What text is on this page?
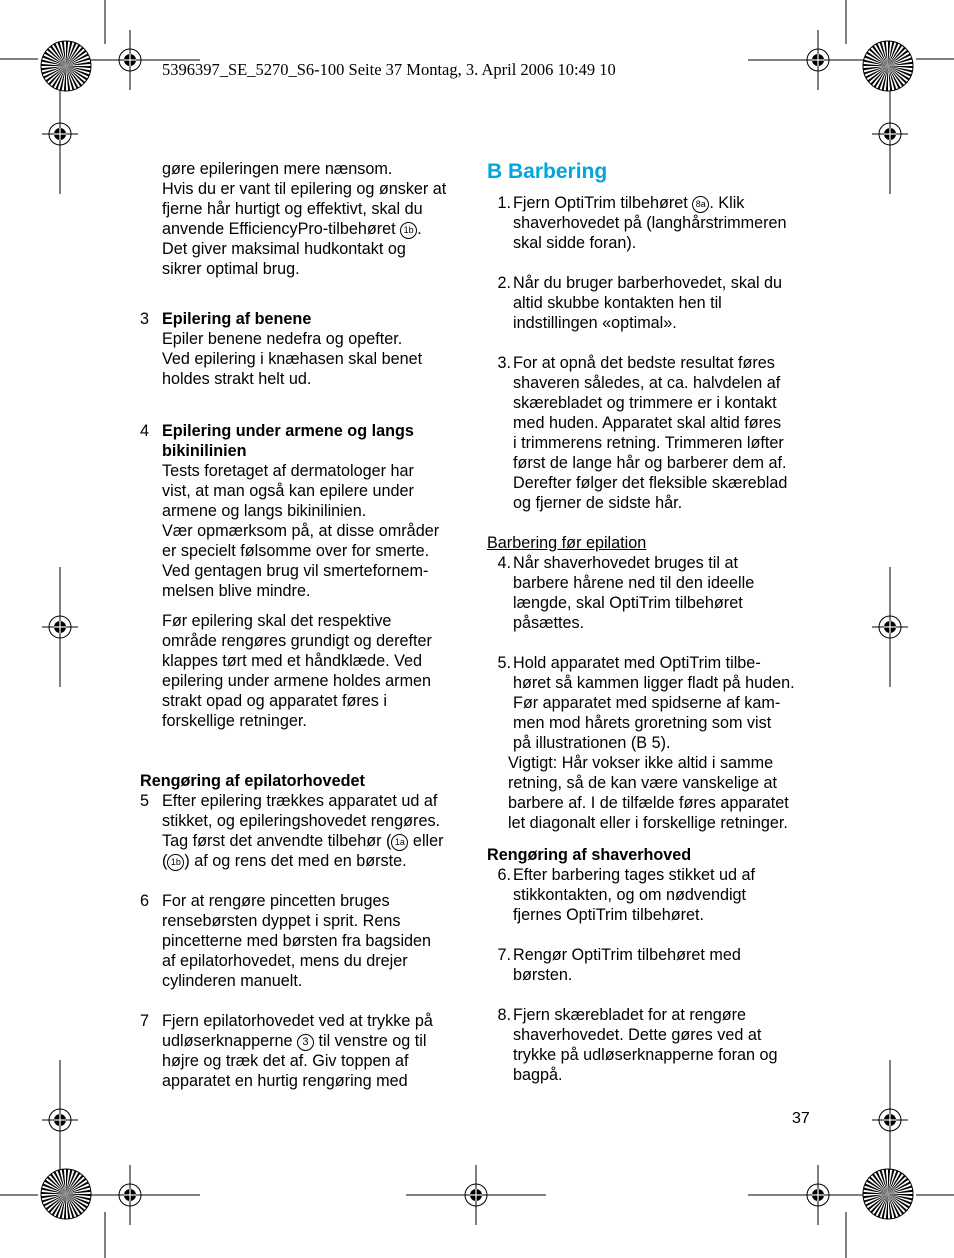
5396397_SE_5270_S6-100 Seite 37 Montag, 3. April 2006 10:49 10

gøre epileringen mere nænsom.

Hvis du er vant til epilering og ønsker at

fjerne hår hurtigt og effektivt, skal du

anvende EfficiencyPro-tilbehøret 1b .

Det giver maksimal hudkontakt og

sikrer optimal brug.

3 Epilering af benene

Epiler benene nedefra og opefter.

Ved epilering i knæhasen skal benet

holdes strakt helt ud.

4 Epilering under armene og langs

bikinilinien

Tests foretaget af dermatologer har

vist, at man også kan epilere under

armene og langs bikinilinien.

Vær opmærksom på, at disse områder

er specielt følsomme over for smerte.

Ved gentagen brug vil smertefornem-

melsen blive mindre.

Før epilering skal det respektive

område rengøres grundigt og derefter

klappes tørt med et håndklæde. Ved

epilering under armene holdes armen

strakt opad og apparatet føres i

forskellige retninger.

Rengøring af epilatorhovedet

5 Efter epilering trækkes apparatet ud af

stikket, og epileringshovedet rengøres.

Tag først det anvendte tilbehør ( 1a eller

( 1b ) af og rens det med en børste.

6 For at rengøre pincetten bruges

rensebørsten dyppet i sprit. Rens

pincetterne med børsten fra bagsiden

af epilatorhovedet, mens du drejer

cylinderen manuelt.

7 Fjern epilatorhovedet ved at trykke på

udløserknapperne 3 til venstre og til

højre og træk det af. Giv toppen af

apparatet en hurtig rengøring med

B Barbering

1. Fjern OptiTrim tilbehøret 8a . Klik

shaverhovedet på (langhårstrimmeren

skal sidde foran).

2. Når du bruger barberhovedet, skal du

altid skubbe kontakten hen til

indstillingen «optimal».

3. For at opnå det bedste resultat føres

shaveren således, at ca. halvdelen af

skærebladet og trimmere er i kontakt

med huden. Apparatet skal altid føres

i trimmerens retning. Trimmeren løfter

først de lange hår og barberer dem af.

Derefter følger det fleksible skæreblad

og fjerner de sidste hår.

Barbering før epilation

4. Når shaverhovedet bruges til at

barbere hårene ned til den ideelle

længde, skal OptiTrim tilbehøret

påsættes.

5. Hold apparatet med OptiTrim tilbe-

høret så kammen ligger fladt på huden.

Før apparatet med spidserne af kam-

men mod hårets groretning som vist

på illustrationen (B 5).

Vigtigt: Hår vokser ikke altid i samme

retning, så de kan være vanskelige at

barbere af. I de tilfælde føres apparatet

let diagonalt eller i forskellige retninger.

Rengøring af shaverhoved

6. Efter barbering tages stikket ud af

stikkontakten, og om nødvendigt

fjernes OptiTrim tilbehøret.

7. Rengør OptiTrim tilbehøret med

børsten.

8. Fjern skærebladet for at rengøre

shaverhovedet. Dette gøres ved at

trykke på udløserknapperne foran og

bagpå.

37
